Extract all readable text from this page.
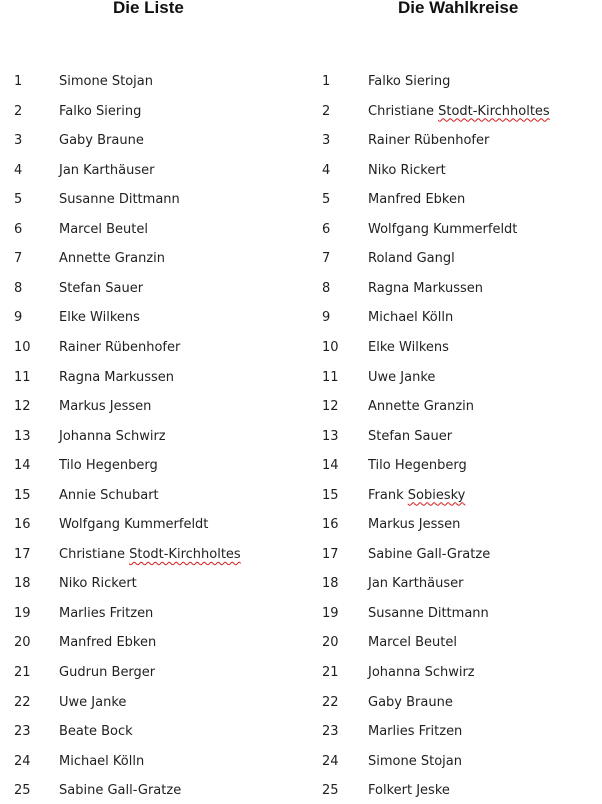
Die Liste	Die Wahlkreise
1	Simone Stojan
2	Falko Siering
3	Gaby Braune
4	Jan Karthäuser
5	Susanne Dittmann
6	Marcel Beutel
7	Annette Granzin
8	Stefan Sauer
9	Elke Wilkens
10 Rainer Rübenhofer
11 Ragna Markussen
12 Markus Jessen
13 Johanna Schwirz
14 Tilo Hegenberg
15 Annie Schubart
16 Wolfgang Kummerfeldt
17 Christiane Stodt-Kirchholtes
18 Niko Rickert
19 Marlies Fritzen
20 Manfred Ebken
21 Gudrun Berger
22 Uwe Janke
23 Beate Bock
24 Michael Kölln
25 Sabine Gall-Gratze
1	Falko Siering
2	Christiane Stodt-Kirchholtes
3	Rainer Rübenhofer
4	Niko Rickert
5	Manfred Ebken
6	Wolfgang Kummerfeldt
7	Roland Gangl
8	Ragna Markussen
9	Michael Kölln
10 Elke Wilkens
11 Uwe Janke
12 Annette Granzin
13 Stefan Sauer
14 Tilo Hegenberg
15 Frank Sobiesky
16 Markus Jessen
17 Sabine Gall-Gratze
18 Jan Karthäuser
19 Susanne Dittmann
20 Marcel Beutel
21 Johanna Schwirz
22 Gaby Braune
23 Marlies Fritzen
24 Simone Stojan
25 Folkert Jeske
